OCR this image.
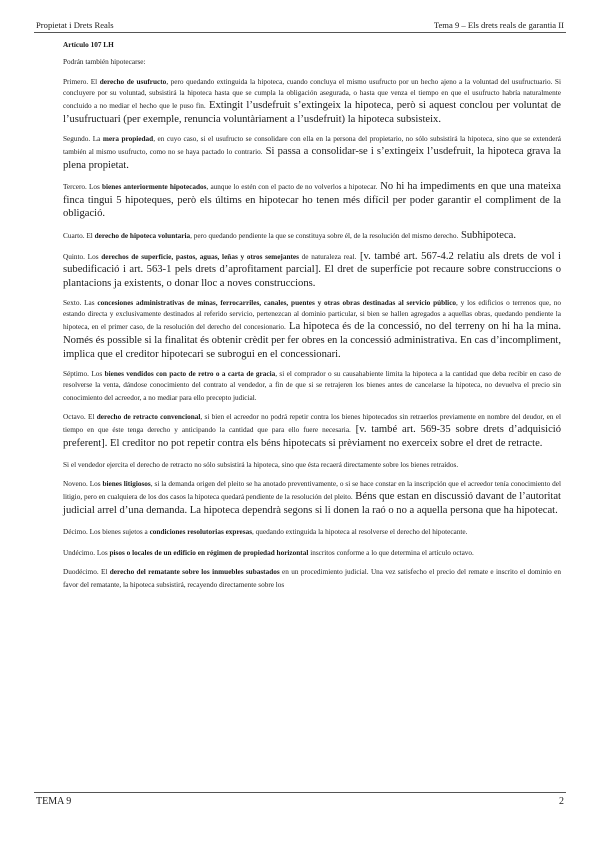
Propietat i Drets Reals	Tema 9 – Els drets reals de garantia II

Artículo 107 LH

Podrán también hipotecarse:

Primero. El derecho de usufructo, pero quedando extinguida la hipoteca, cuando concluya el mismo usufructo por un hecho ajeno a la voluntad del usufructuario. Si concluyere por su voluntad, subsistirá la hipoteca hasta que se cumpla la obligación asegurada, o hasta que venza el tiempo en que el usufructo habría naturalmente concluido a no mediar el hecho que le puso fin. Extingit l’usdefruit s’extingeix la hipoteca, però si aquest conclou per voluntat de l’usufructuari (per exemple, renuncia voluntàriament a l’usdefruit) la hipoteca subsisteix.

Segundo. La mera propiedad, en cuyo caso, si el usufructo se consolidare con ella en la persona del propietario, no sólo subsistirá la hipoteca, sino que se extenderá también al mismo usufructo, como no se haya pactado lo contrario. Si passa a consolidar-se i s’extingeix l’usdefruit, la hipoteca grava la plena propietat.

Tercero. Los bienes anteriormente hipotecados, aunque lo estén con el pacto de no volverlos a hipotecar. No hi ha impediments en que una mateixa finca tingui 5 hipoteques, però els últims en hipotecar ho tenen més difícil per poder garantir el compliment de la obligació.

Cuarto. El derecho de hipoteca voluntaria, pero quedando pendiente la que se constituya sobre él, de la resolución del mismo derecho. Subhipoteca.

Quinto. Los derechos de superficie, pastos, aguas, leñas y otros semejantes de naturaleza real. [v. també art. 567-4.2 relatiu als drets de vol i subedificació i art. 563-1 pels drets d’aprofitament parcial]. El dret de superfície pot recaure sobre construccions o plantacions ja existents, o donar lloc a noves construccions.

Sexto. Las concesiones administrativas de minas, ferrocarriles, canales, puentes y otras obras destinadas al servicio público, y los edificios o terrenos que, no estando directa y exclusivamente destinados al referido servicio, pertenezcan al dominio particular, si bien se hallen agregados a aquellas obras, quedando pendiente la hipoteca, en el primer caso, de la resolución del derecho del concesionario. La hipoteca és de la concessió, no del terreny on hi ha la mina. Només és possible si la finalitat és obtenir crèdit per fer obres en la concessió administrativa. En cas d’incompliment, implica que el creditor hipotecari se subrogui en el concessionari.

Séptimo. Los bienes vendidos con pacto de retro o a carta de gracia, si el comprador o su causahabiente limita la hipoteca a la cantidad que deba recibir en caso de resolverse la venta, dándose conocimiento del contrato al vendedor, a fin de que si se retrajeren los bienes antes de cancelarse la hipoteca, no devuelva el precio sin conocimiento del acreedor, a no mediar para ello precepto judicial.

Octavo. El derecho de retracto convencional, si bien el acreedor no podrá repetir contra los bienes hipotecados sin retraerlos previamente en nombre del deudor, en el tiempo en que éste tenga derecho y anticipando la cantidad que para ello fuere necesaria. [v. també art. 569-35 sobre drets d’adquisició preferent]. El creditor no pot repetir contra els béns hipotecats si prèviament no exerceix sobre el dret de retracte.

Si el vendedor ejercita el derecho de retracto no sólo subsistirá la hipoteca, sino que ésta recaerá directamente sobre los bienes retraídos.

Noveno. Los bienes litigiosos, si la demanda origen del pleito se ha anotado preventivamente, o si se hace constar en la inscripción que el acreedor tenía conocimiento del litigio, pero en cualquiera de los dos casos la hipoteca quedará pendiente de la resolución del pleito. Béns que estan en discussió davant de l’autoritat judicial arrel d’una demanda. La hipoteca dependrà segons si li donen la raó o no a aquella persona que ha hipotecat.

Décimo. Los bienes sujetos a condiciones resolutorias expresas, quedando extinguida la hipoteca al resolverse el derecho del hipotecante.

Undécimo. Los pisos o locales de un edificio en régimen de propiedad horizontal inscritos conforme a lo que determina el artículo octavo.

Duodécimo. El derecho del rematante sobre los inmuebles subastados en un procedimiento judicial. Una vez satisfecho el precio del remate e inscrito el dominio en favor del rematante, la hipoteca subsistirá, recayendo directamente sobre los

TEMA 9	2
